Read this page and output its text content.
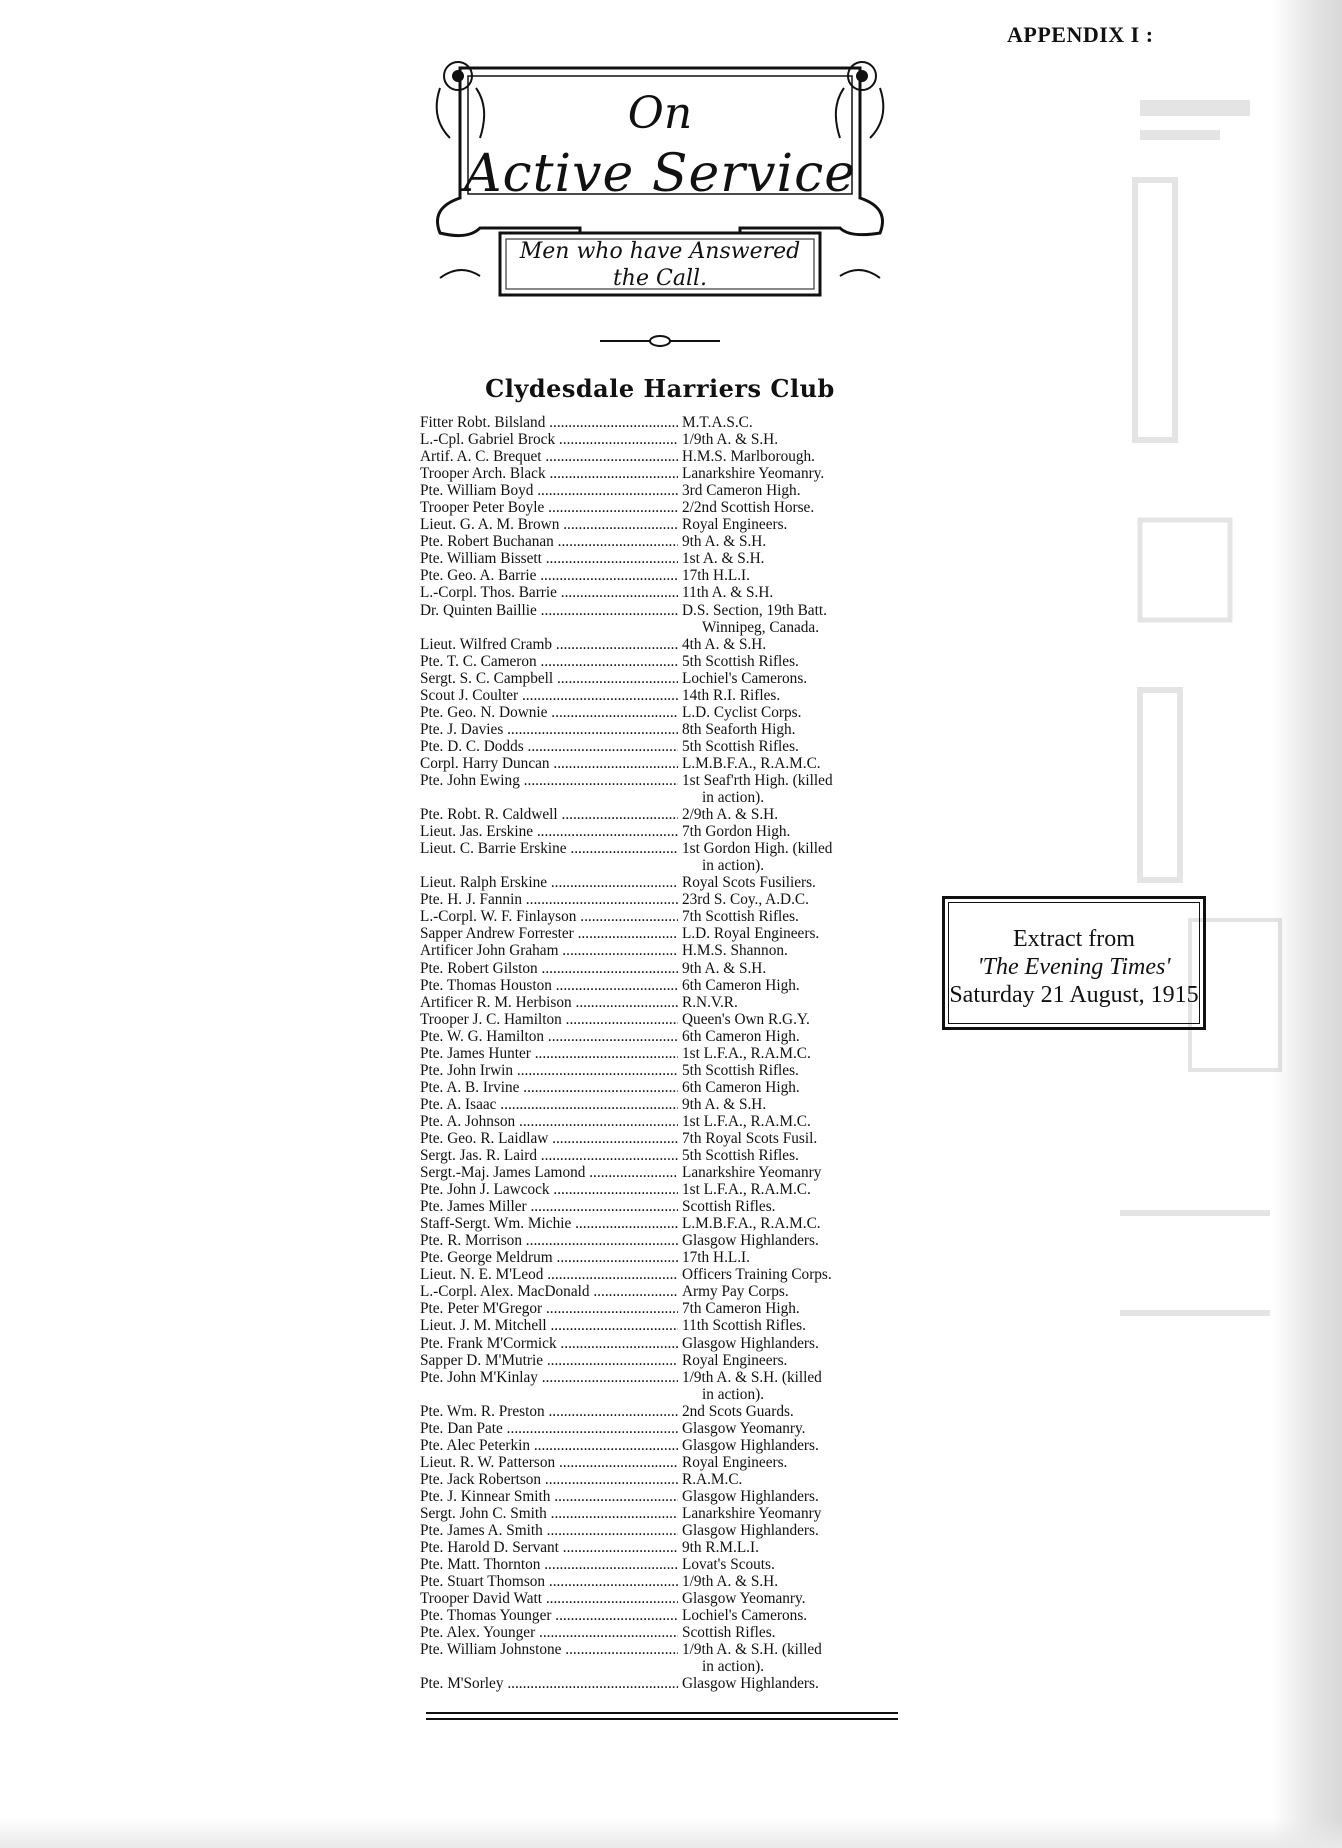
APPENDIX I :
On
Active Service
Men who have Answered
the Call.
Clydesdale Harriers Club
Fitter Robt. Bilsland .....	M.T.A.S.C.
L.-Cpl. Gabriel Brock .....	1/9th A. & S.H.
Artif. A. C. Brequet .....	H.M.S. Marlborough.
Trooper Arch. Black .....	Lanarkshire Yeomanry.
Pte. William Boyd .....	3rd Cameron High.
Trooper Peter Boyle .....	2/2nd Scottish Horse.
Lieut. G. A. M. Brown .....	Royal Engineers.
Pte. Robert Buchanan .....	9th A. & S.H.
Pte. William Bissett .....	1st A. & S.H.
Pte. Geo. A. Barrie .....	17th H.L.I.
L.-Corpl. Thos. Barrie .....	11th A. & S.H.
Dr. Quinten Baillie .....	D.S. Section, 19th Batt.
Winnipeg, Canada.
Lieut. Wilfred Cramb .....	4th A. & S.H.
Pte. T. C. Cameron .....	5th Scottish Rifles.
Sergt. S. C. Campbell .....	Lochiel's Camerons.
Scout J. Coulter .....	14th R.I. Rifles.
Pte. Geo. N. Downie .....	L.D. Cyclist Corps.
Pte. J. Davies .....	8th Seaforth High.
Pte. D. C. Dodds .....	5th Scottish Rifles.
Corpl. Harry Duncan .....	L.M.B.F.A., R.A.M.C.
Pte. John Ewing .....	1st Seaf'rth High. (killed
in action).
Pte. Robt. R. Caldwell .....	2/9th A. & S.H.
Lieut. Jas. Erskine .....	7th Gordon High.
Lieut. C. Barrie Erskine .....	1st Gordon High. (killed
in action).
Lieut. Ralph Erskine .....	Royal Scots Fusiliers.
Pte. H. J. Fannin .....	23rd S. Coy., A.D.C.
L.-Corpl. W. F. Finlayson .....	7th Scottish Rifles.
Sapper Andrew Forrester .....	L.D. Royal Engineers.
Artificer John Graham .....	H.M.S. Shannon.
Pte. Robert Gilston .....	9th A. & S.H.
Pte. Thomas Houston .....	6th Cameron High.
Artificer R. M. Herbison .....	R.N.V.R.
Trooper J. C. Hamilton .....	Queen's Own R.G.Y.
Pte. W. G. Hamilton .....	6th Cameron High.
Pte. James Hunter .....	1st L.F.A., R.A.M.C.
Pte. John Irwin .....	5th Scottish Rifles.
Pte. A. B. Irvine .....	6th Cameron High.
Pte. A. Isaac .....	9th A. & S.H.
Pte. A. Johnson .....	1st L.F.A., R.A.M.C.
Pte. Geo. R. Laidlaw .....	7th Royal Scots Fusil.
Sergt. Jas. R. Laird .....	5th Scottish Rifles.
Sergt.-Maj. James Lamond .....	Lanarkshire Yeomanry
Pte. John J. Lawcock .....	1st L.F.A., R.A.M.C.
Pte. James Miller .....	Scottish Rifles.
Staff-Sergt. Wm. Michie .....	L.M.B.F.A., R.A.M.C.
Pte. R. Morrison .....	Glasgow Highlanders.
Pte. George Meldrum .....	17th H.L.I.
Lieut. N. E. M'Leod .....	Officers Training Corps.
L.-Corpl. Alex. MacDonald .....	Army Pay Corps.
Pte. Peter M'Gregor .....	7th Cameron High.
Lieut. J. M. Mitchell .....	11th Scottish Rifles.
Pte. Frank M'Cormick .....	Glasgow Highlanders.
Sapper D. M'Mutrie .....	Royal Engineers.
Pte. John M'Kinlay .....	1/9th A. & S.H. (killed
in action).
Pte. Wm. R. Preston .....	2nd Scots Guards.
Pte. Dan Pate .....	Glasgow Yeomanry.
Pte. Alec Peterkin .....	Glasgow Highlanders.
Lieut. R. W. Patterson .....	Royal Engineers.
Pte. Jack Robertson .....	R.A.M.C.
Pte. J. Kinnear Smith .....	Glasgow Highlanders.
Sergt. John C. Smith .....	Lanarkshire Yeomanry
Pte. James A. Smith .....	Glasgow Highlanders.
Pte. Harold D. Servant .....	9th R.M.L.I.
Pte. Matt. Thornton .....	Lovat's Scouts.
Pte. Stuart Thomson .....	1/9th A. & S.H.
Trooper David Watt .....	Glasgow Yeomanry.
Pte. Thomas Younger .....	Lochiel's Camerons.
Pte. Alex. Younger .....	Scottish Rifles.
Pte. William Johnstone .....	1/9th A. & S.H. (killed
in action).
Pte. M'Sorley .....	Glasgow Highlanders.
Extract from
'The Evening Times'
Saturday 21 August, 1915
